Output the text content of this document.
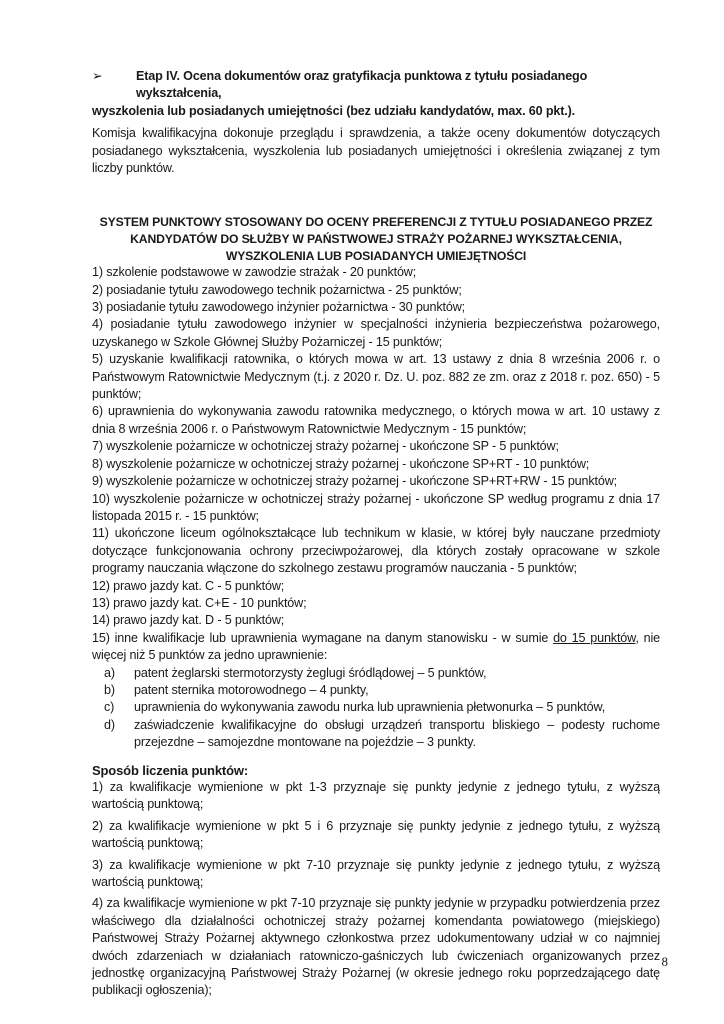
➢	Etap IV. Ocena dokumentów oraz gratyfikacja punktowa z tytułu posiadanego wykształcenia,
wyszkolenia lub posiadanych umiejętności (bez udziału kandydatów, max. 60 pkt.).

Komisja kwalifikacyjna dokonuje przeglądu i sprawdzenia, a także oceny dokumentów dotyczących posiadanego wykształcenia, wyszkolenia lub posiadanych umiejętności i określenia związanej z tym liczby punktów.

SYSTEM PUNKTOWY STOSOWANY DO OCENY PREFERENCJI Z TYTUŁU POSIADANEGO PRZEZ
KANDYDATÓW DO SŁUŻBY W PAŃSTWOWEJ STRAŻY POŻARNEJ WYKSZTAŁCENIA,
WYSZKOLENIA LUB POSIADANYCH UMIEJĘTNOŚCI

1) szkolenie podstawowe w zawodzie strażak - 20 punktów;

2) posiadanie tytułu zawodowego technik pożarnictwa - 25 punktów;

3) posiadanie tytułu zawodowego inżynier pożarnictwa - 30 punktów;

4) posiadanie tytułu zawodowego inżynier w specjalności inżynieria bezpieczeństwa pożarowego, uzyskanego w Szkole Głównej Służby Pożarniczej - 15 punktów;

5) uzyskanie kwalifikacji ratownika, o których mowa w art. 13 ustawy z dnia 8 września 2006 r. o Państwowym Ratownictwie Medycznym (t.j. z 2020 r. Dz. U. poz. 882 ze zm. oraz z 2018 r. poz. 650) - 5 punktów;

6) uprawnienia do wykonywania zawodu ratownika medycznego, o których mowa w art. 10 ustawy z dnia 8 września 2006 r. o Państwowym Ratownictwie Medycznym - 15 punktów;

7) wyszkolenie pożarnicze w ochotniczej straży pożarnej - ukończone SP - 5 punktów;

8) wyszkolenie pożarnicze w ochotniczej straży pożarnej - ukończone SP+RT - 10 punktów;

9) wyszkolenie pożarnicze w ochotniczej straży pożarnej - ukończone SP+RT+RW - 15 punktów;

10) wyszkolenie pożarnicze w ochotniczej straży pożarnej - ukończone SP według programu z dnia 17 listopada 2015 r. - 15 punktów;

11) ukończone liceum ogólnokształcące lub technikum w klasie, w której były nauczane przedmioty dotyczące funkcjonowania ochrony przeciwpożarowej, dla których zostały opracowane w szkole programy nauczania włączone do szkolnego zestawu programów nauczania - 5 punktów;

12) prawo jazdy kat. C - 5 punktów;

13) prawo jazdy kat. C+E - 10 punktów;

14) prawo jazdy kat. D - 5 punktów;

15) inne kwalifikacje lub uprawnienia wymagane na danym stanowisku - w sumie do 15 punktów, nie więcej niż 5 punktów za jedno uprawnienie:

a)	patent żeglarski stermotorzysty żeglugi śródlądowej – 5 punktów,
b)	patent sternika motorowodnego – 4 punkty,
c)	uprawnienia do wykonywania zawodu nurka lub uprawnienia płetwonurka – 5 punktów,
d)	zaświadczenie kwalifikacyjne do obsługi urządzeń transportu bliskiego – podesty ruchome przejezdne – samojezdne montowane na pojeździe – 3 punkty.
Sposób liczenia punktów:

1) za kwalifikacje wymienione w pkt 1-3 przyznaje się punkty jedynie z jednego tytułu, z wyższą wartością punktową;

2) za kwalifikacje wymienione w pkt 5 i 6 przyznaje się punkty jedynie z jednego tytułu, z wyższą wartością punktową;

3) za kwalifikacje wymienione w pkt 7-10 przyznaje się punkty jedynie z jednego tytułu, z wyższą wartością punktową;

4) za kwalifikacje wymienione w pkt 7-10 przyznaje się punkty jedynie w przypadku potwierdzenia przez właściwego dla działalności ochotniczej straży pożarnej komendanta powiatowego (miejskiego) Państwowej Straży Pożarnej aktywnego członkostwa przez udokumentowany udział w co najmniej dwóch zdarzeniach w działaniach ratowniczo-gaśniczych lub ćwiczeniach organizowanych przez jednostkę organizacyjną Państwowej Straży Pożarnej (w okresie jednego roku poprzedzającego datę publikacji ogłoszenia);

8
